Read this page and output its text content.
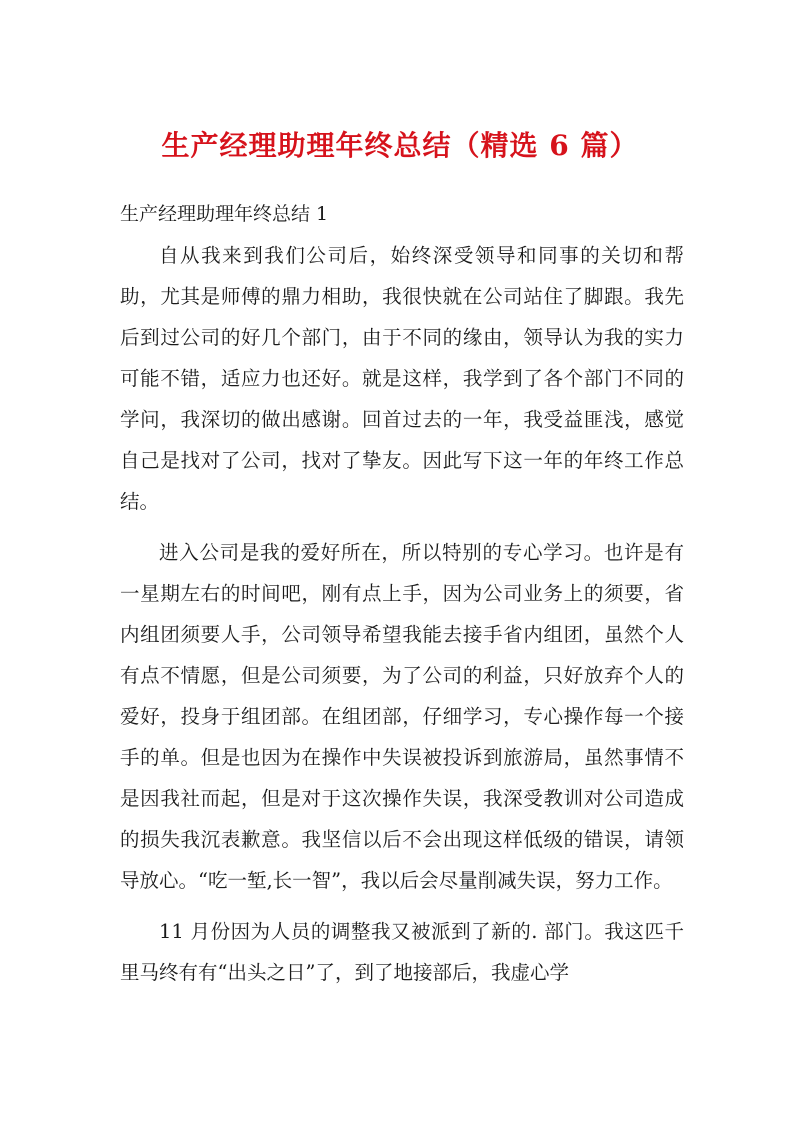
生产经理助理年终总结（精选 6 篇）
生产经理助理年终总结 1

自从我来到我们公司后，始终深受领导和同事的关切和帮助，尤其是师傅的鼎力相助，我很快就在公司站住了脚跟。我先后到过公司的好几个部门，由于不同的缘由，领导认为我的实力可能不错，适应力也还好。就是这样，我学到了各个部门不同的学问，我深切的做出感谢。回首过去的一年，我受益匪浅，感觉自己是找对了公司，找对了挚友。因此写下这一年的年终工作总结。

进入公司是我的爱好所在，所以特别的专心学习。也许是有一星期左右的时间吧，刚有点上手，因为公司业务上的须要，省内组团须要人手，公司领导希望我能去接手省内组团，虽然个人有点不情愿，但是公司须要，为了公司的利益，只好放弃个人的爱好，投身于组团部。在组团部，仔细学习，专心操作每一个接手的单。但是也因为在操作中失误被投诉到旅游局，虽然事情不是因我社而起，但是对于这次操作失误，我深受教训对公司造成的损失我沉表歉意。我坚信以后不会出现这样低级的错误，请领导放心。“吃一堑,长一智”，我以后会尽量削减失误，努力工作。

11 月份因为人员的调整我又被派到了新的. 部门。我这匹千里马终有有“出头之日”了，到了地接部后，我虚心学
